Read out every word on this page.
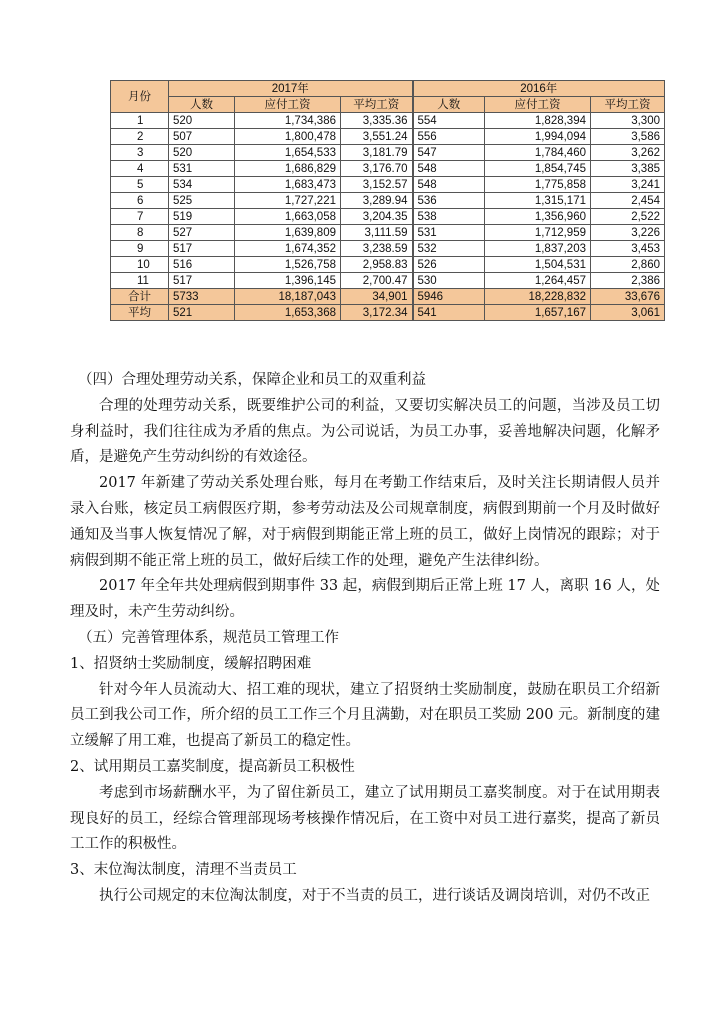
月份	2017年			2016年		
	人数	应付工资	平均工资	人数	应付工资	平均工资
1	520	1,734,386	3,335.36	554	1,828,394	3,300
2	507	1,800,478	3,551.24	556	1,994,094	3,586
3	520	1,654,533	3,181.79	547	1,784,460	3,262
4	531	1,686,829	3,176.70	548	1,854,745	3,385
5	534	1,683,473	3,152.57	548	1,775,858	3,241
6	525	1,727,221	3,289.94	536	1,315,171	2,454
7	519	1,663,058	3,204.35	538	1,356,960	2,522
8	527	1,639,809	3,111.59	531	1,712,959	3,226
9	517	1,674,352	3,238.59	532	1,837,203	3,453
10	516	1,526,758	2,958.83	526	1,504,531	2,860
11	517	1,396,145	2,700.47	530	1,264,457	2,386
合计	5733	18,187,043	34,901	5946	18,228,832	33,676
平均	521	1,653,368	3,172.34	541	1,657,167	3,061

（四）合理处理劳动关系，保障企业和员工的双重利益

合理的处理劳动关系，既要维护公司的利益，又要切实解决员工的问题，当涉及员工切身利益时，我们往往成为矛盾的焦点。为公司说话，为员工办事，妥善地解决问题，化解矛盾，是避免产生劳动纠纷的有效途径。

2017 年新建了劳动关系处理台账，每月在考勤工作结束后，及时关注长期请假人员并录入台账，核定员工病假医疗期，参考劳动法及公司规章制度，病假到期前一个月及时做好通知及当事人恢复情况了解，对于病假到期能正常上班的员工，做好上岗情况的跟踪；对于病假到期不能正常上班的员工，做好后续工作的处理，避免产生法律纠纷。

2017 年全年共处理病假到期事件 33 起，病假到期后正常上班 17 人，离职 16 人，处理及时，未产生劳动纠纷。

（五）完善管理体系，规范员工管理工作

1、招贤纳士奖励制度，缓解招聘困难

针对今年人员流动大、招工难的现状，建立了招贤纳士奖励制度，鼓励在职员工介绍新员工到我公司工作，所介绍的员工工作三个月且满勤，对在职员工奖励 200 元。新制度的建立缓解了用工难，也提高了新员工的稳定性。

2、试用期员工嘉奖制度，提高新员工积极性

考虑到市场薪酬水平，为了留住新员工，建立了试用期员工嘉奖制度。对于在试用期表现良好的员工，经综合管理部现场考核操作情况后，在工资中对员工进行嘉奖，提高了新员工工作的积极性。

3、末位淘汰制度，清理不当责员工

执行公司规定的末位淘汰制度，对于不当责的员工，进行谈话及调岗培训，对仍不改正
